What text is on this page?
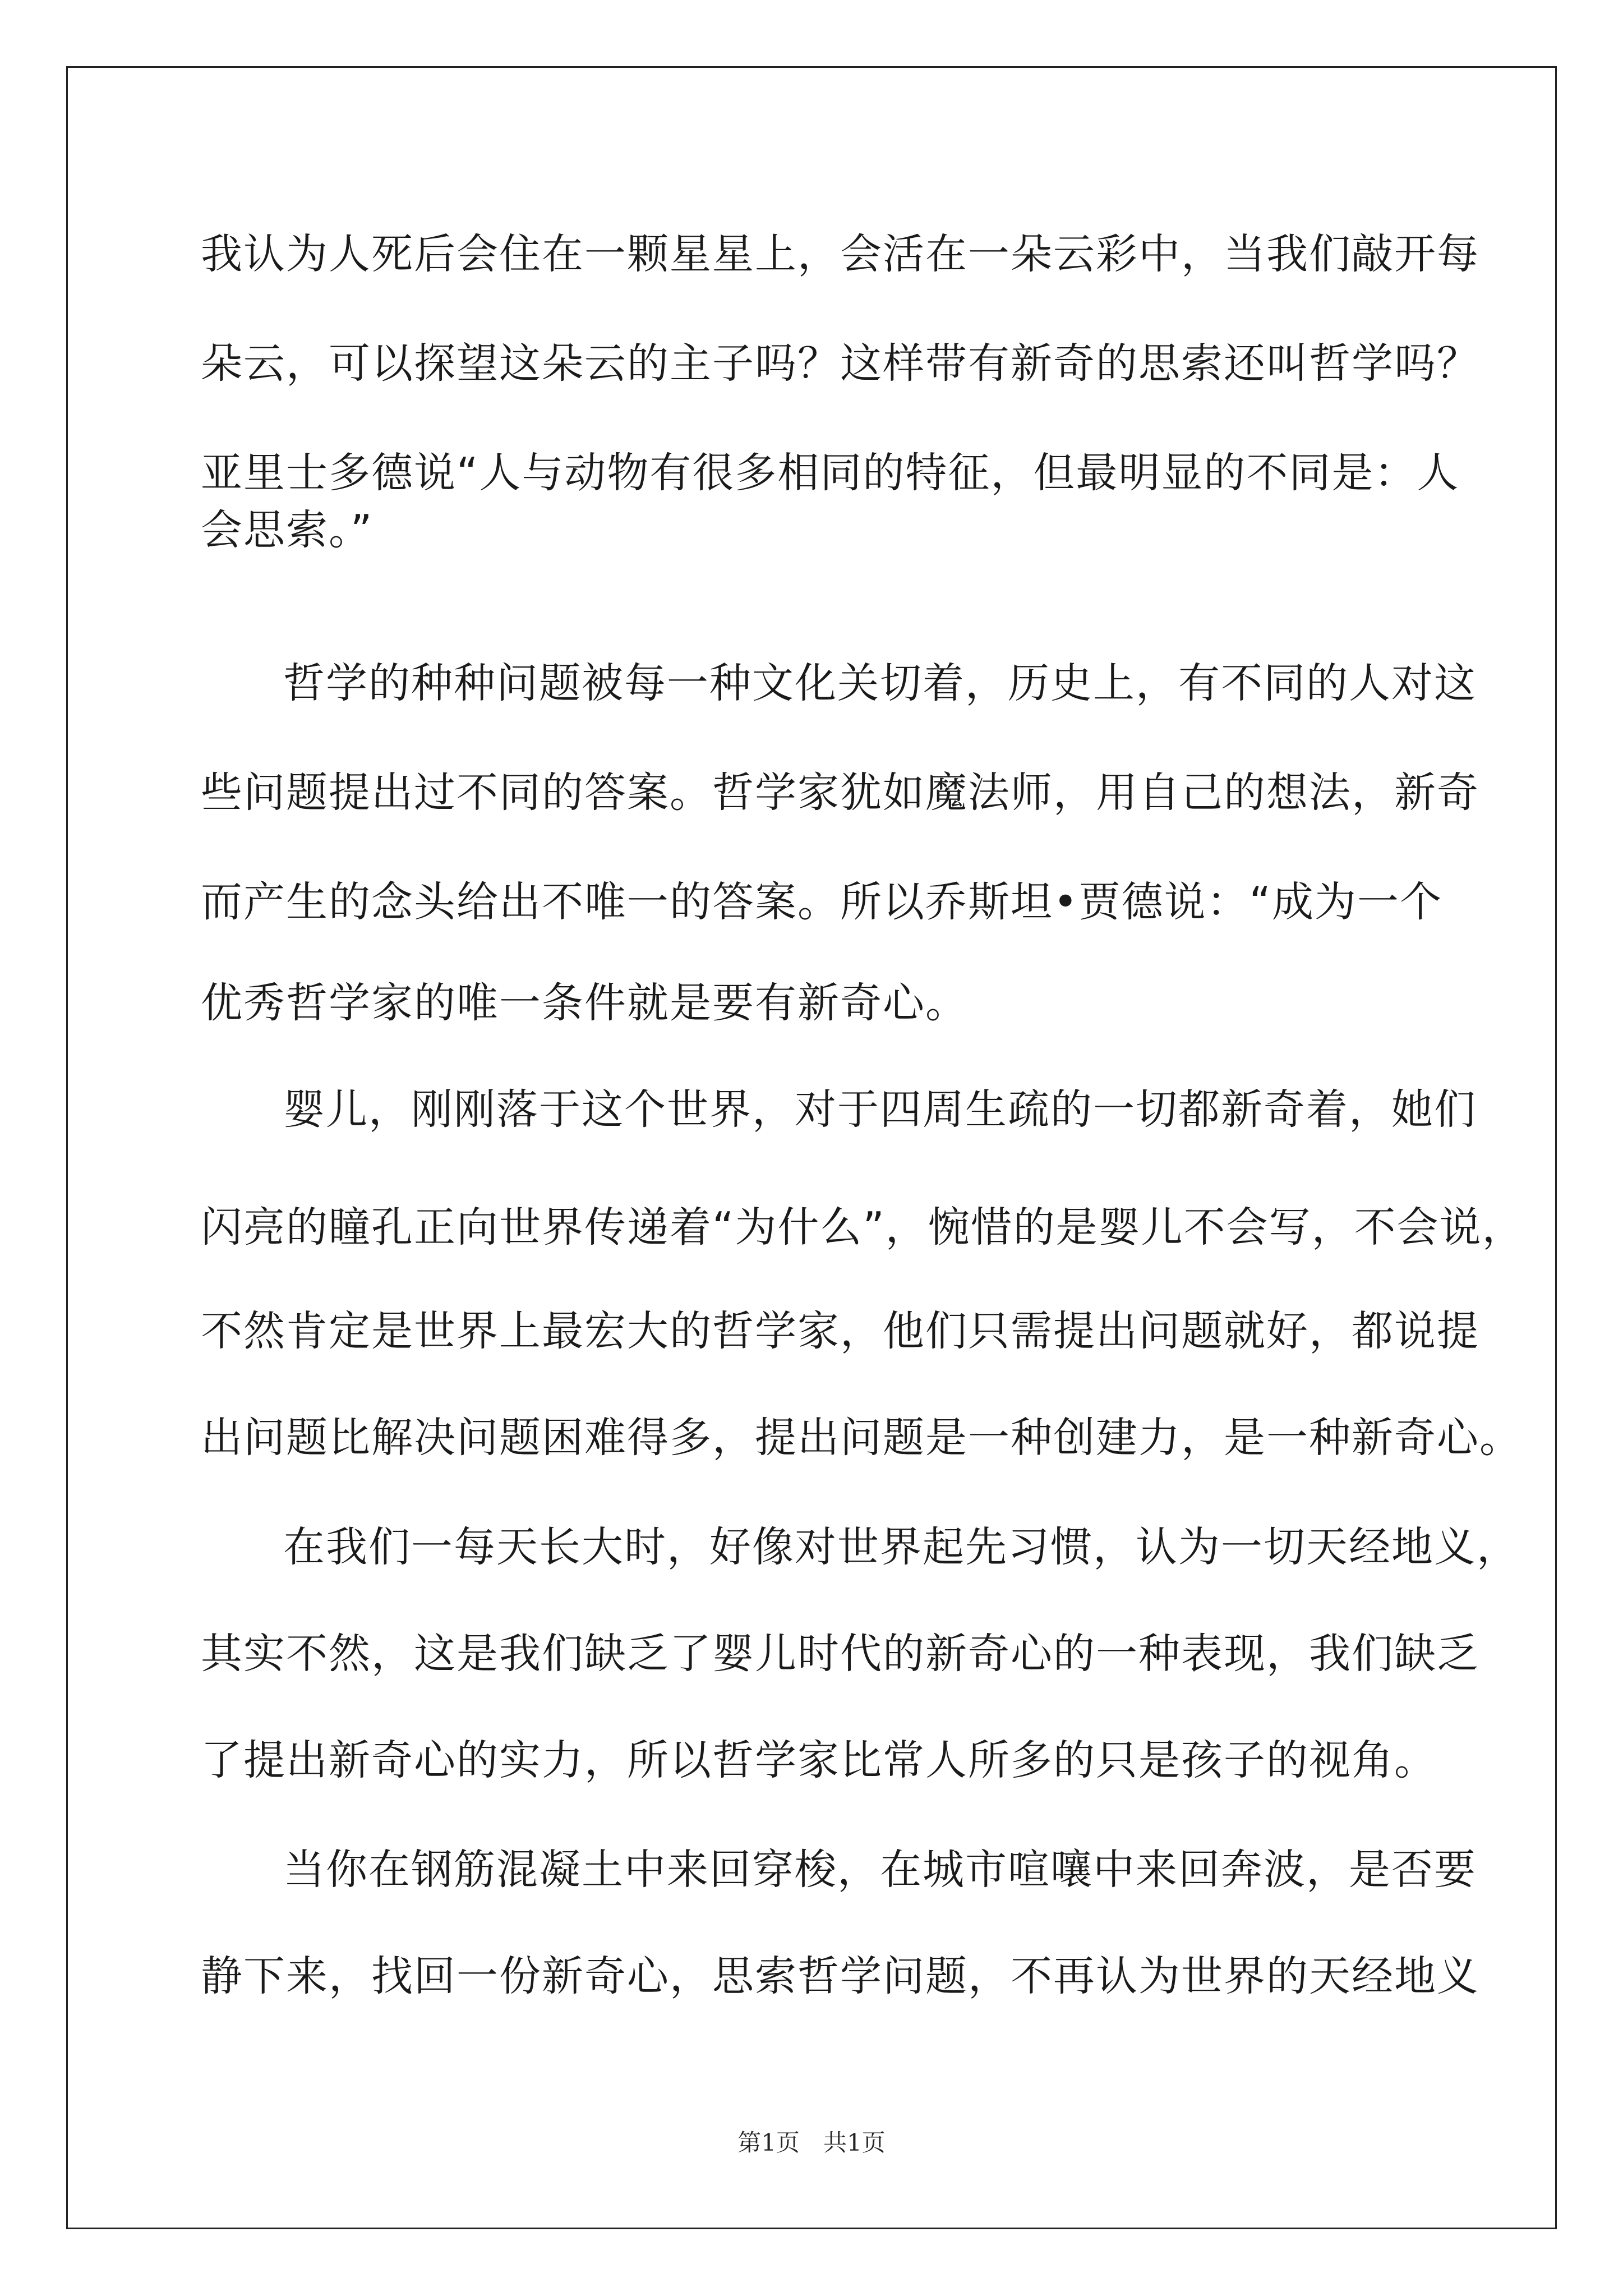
我认为人死后会住在一颗星星上，会活在一朵云彩中，当我们敲开每
朵云，可以探望这朵云的主子吗？这样带有新奇的思索还叫哲学吗？
亚里士多德说“人与动物有很多相同的特征，但最明显的不同是：人
会思索。”
哲学的种种问题被每一种文化关切着，历史上，有不同的人对这
些问题提出过不同的答案。哲学家犹如魔法师，用自己的想法，新奇
而产生的念头给出不唯一的答案。所以乔斯坦•贾德说：“成为一个
优秀哲学家的唯一条件就是要有新奇心。
婴儿，刚刚落于这个世界，对于四周生疏的一切都新奇着，她们
闪亮的瞳孔正向世界传递着“为什么”，惋惜的是婴儿不会写，不会说，
不然肯定是世界上最宏大的哲学家，他们只需提出问题就好，都说提
出问题比解决问题困难得多，提出问题是一种创建力，是一种新奇心。
在我们一每天长大时，好像对世界起先习惯，认为一切天经地义，
其实不然，这是我们缺乏了婴儿时代的新奇心的一种表现，我们缺乏
了提出新奇心的实力，所以哲学家比常人所多的只是孩子的视角。
当你在钢筋混凝土中来回穿梭，在城市喧嚷中来回奔波，是否要
静下来，找回一份新奇心，思索哲学问题，不再认为世界的天经地义
第1页　共1页
